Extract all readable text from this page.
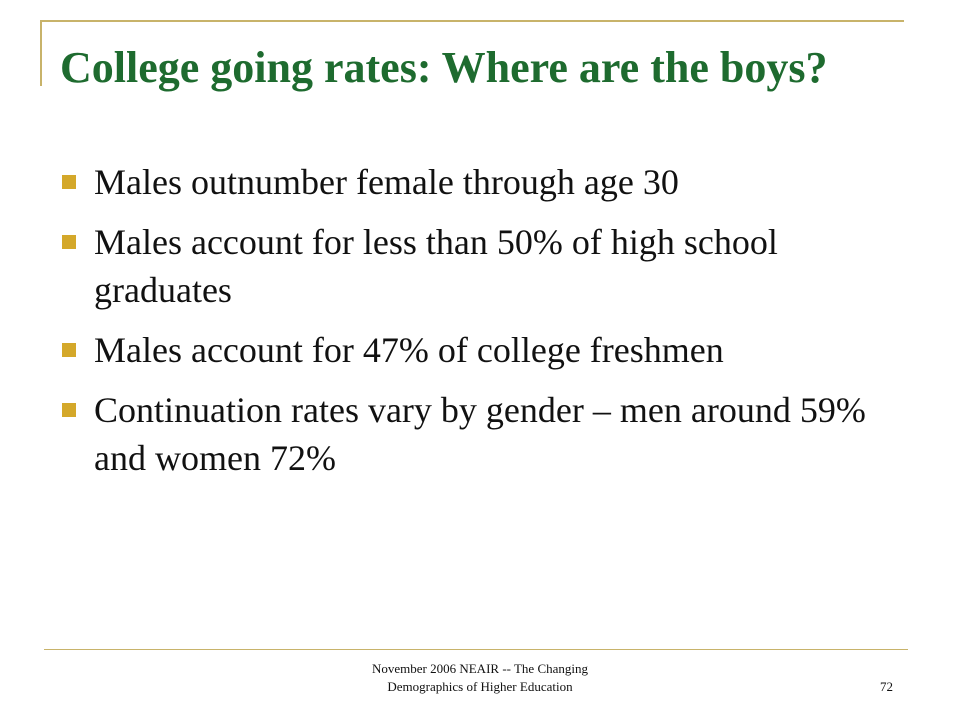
College going rates: Where are the boys?
Males outnumber female through age 30
Males account for less than 50% of high school graduates
Males account for 47% of college freshmen
Continuation rates vary by gender – men around 59% and women 72%
November 2006 NEAIR -- The Changing
Demographics of Higher Education	72
